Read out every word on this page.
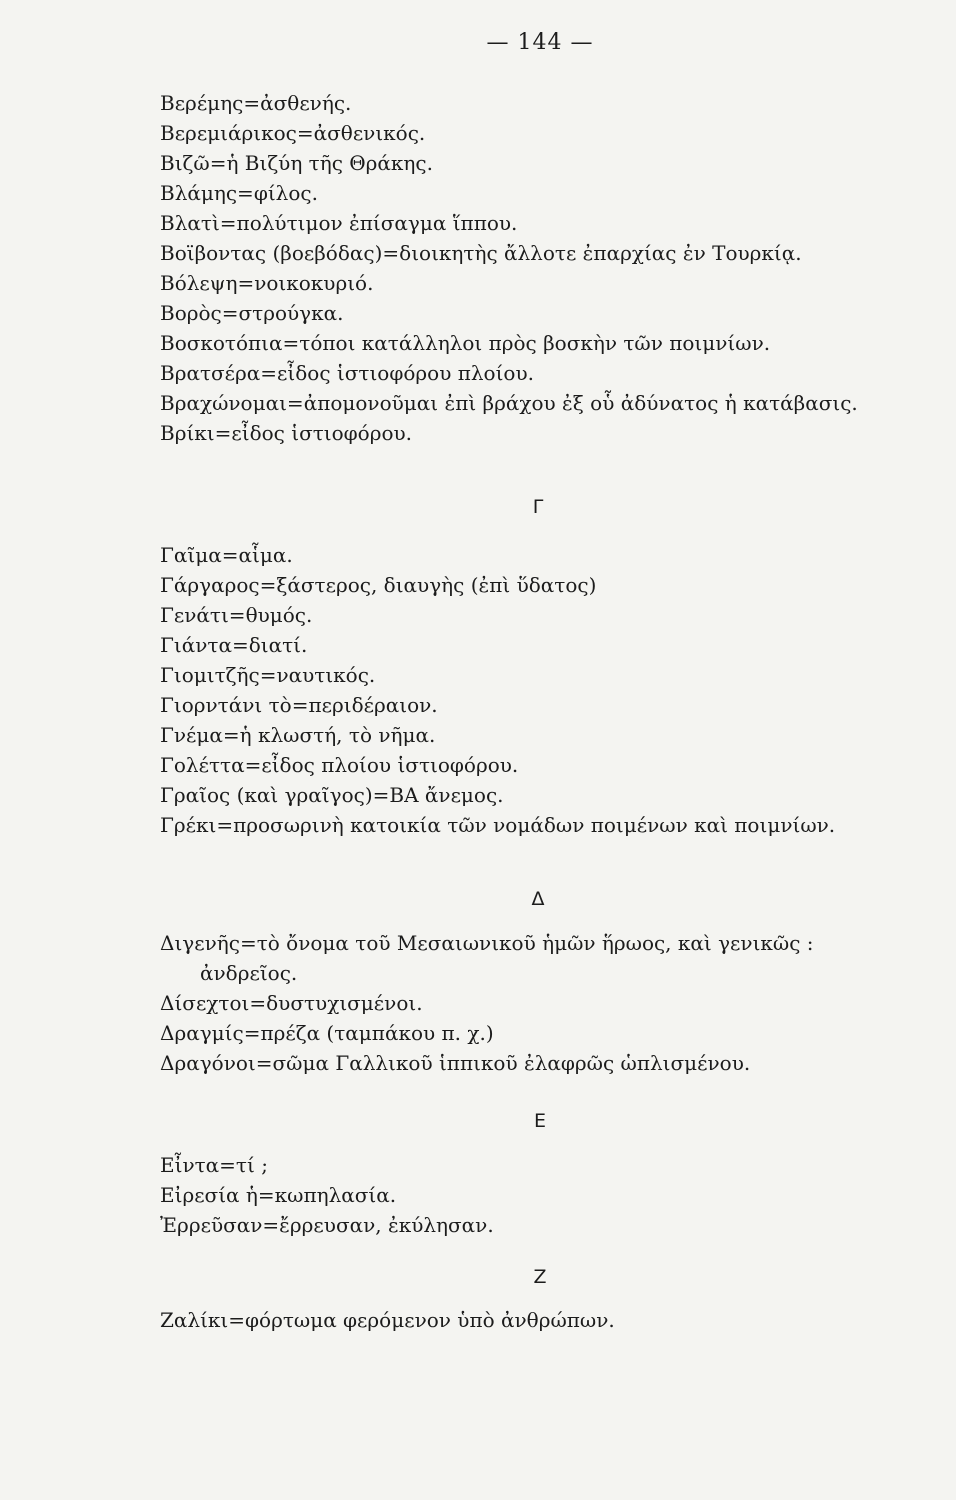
— 144 —
Βερέμης=ἀσθενής.
Βερεμιάρικος=ἀσθενικός.
Βιζῶ=ἡ Βιζύη τῆς Θράκης.
Βλάμης=φίλος.
Βλατὶ=πολύτιμον ἐπίσαγμα ἵππου.
Βοϊβοντας (βοεβόδας)=διοικητὴς ἄλλοτε ἐπαρχίας ἐν Τουρκίᾳ.
Βόλεψη=νοικοκυριό.
Βορὸς=στρούγκα.
Βοσκοτόπια=τόποι κατάλληλοι πρὸς βοσκὴν τῶν ποιμνίων.
Βρατσέρα=εἶδος ἱστιοφόρου πλοίου.
Βραχώνομαι=ἀπομονοῦμαι ἐπὶ βράχου ἐξ οὗ ἀδύνατος ἡ κατάβασις.
Βρίκι=εἶδος ἱστιοφόρου.
Γ
Γαῖμα=αἷμα.
Γάργαρος=ξάστερος, διαυγὴς (ἐπὶ ὕδατος)
Γενάτι=θυμός.
Γιάντα=διατί.
Γιομιτζῆς=ναυτικός.
Γιορντάνι τὸ=περιδέραιον.
Γνέμα=ἡ κλωστή, τὸ νῆμα.
Γολέττα=εἶδος πλοίου ἱστιοφόρου.
Γραῖος (καὶ γραῖγος)=ΒΑ ἄνεμος.
Γρέκι=προσωρινὴ κατοικία τῶν νομάδων ποιμένων καὶ ποιμνίων.
Δ
Διγενῆς=τὸ ὄνομα τοῦ Μεσαιωνικοῦ ἡμῶν ἥρωος, καὶ γενικῶς :
ἀνδρεῖος.
Δίσεχτοι=δυστυχισμένοι.
Δραγμίς=πρέζα (ταμπάκου π. χ.)
Δραγόνοι=σῶμα Γαλλικοῦ ἱππικοῦ ἐλαφρῶς ὡπλισμένου.
Ε
Εἶντα=τί ;
Εἰρεσία ἡ=κωπηλασία.
Ἐρρεῦσαν=ἔρρευσαν, ἐκύλησαν.
Ζ
Ζαλίκι=φόρτωμα φερόμενον ὑπὸ ἀνθρώπων.
